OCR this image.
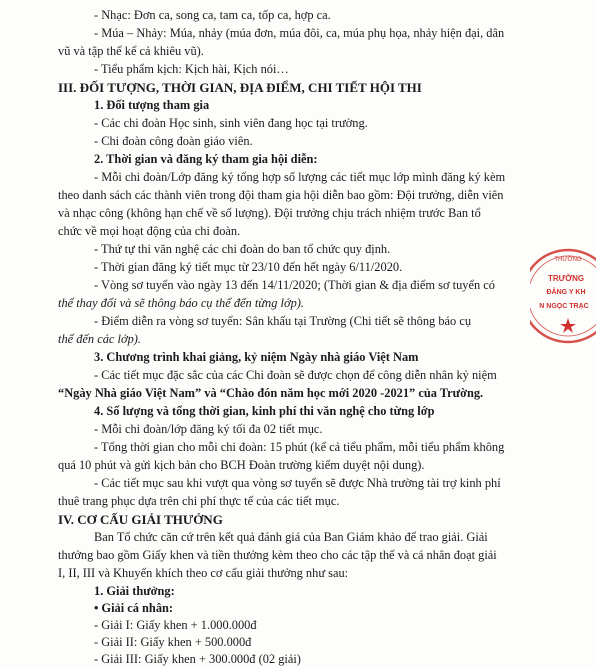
- Nhạc: Đơn ca, song ca, tam ca, tốp ca, hợp ca.
- Múa – Nhảy: Múa, nhảy (múa đơn, múa đôi, ca, múa phụ họa, nhảy hiện đại, dân
vũ và tập thể kể cả khiêu vũ).
- Tiểu phẩm kịch: Kịch hài, Kịch nói…
III. ĐỐI TƯỢNG, THỜI GIAN, ĐỊA ĐIỂM, CHI TIẾT HỘI THI
1. Đối tượng tham gia
- Các chi đoàn Học sinh, sinh viên đang học tại trường.
- Chi đoàn công đoàn giáo viên.
2. Thời gian và đăng ký tham gia hội diễn:
- Mỗi chi đoàn/Lớp đăng ký tổng hợp số lượng các tiết mục lớp mình đăng ký kèm
theo danh sách các thành viên trong đội tham gia hội diễn bao gồm: Đội trưởng, diễn viên
và nhạc công (không hạn chế về số lượng). Đội trưởng chịu trách nhiệm trước Ban tổ
chức về mọi hoạt động của chi đoàn.
- Thứ tự thi văn nghệ các chi đoàn do ban tổ chức quy định.
- Thời gian đăng ký tiết mục từ 23/10 đến hết ngày 6/11/2020.
- Vòng sơ tuyển vào ngày 13 đến 14/11/2020; (Thời gian & địa điểm sơ tuyển có
thể thay đổi và sẽ thông báo cụ thể đến từng lớp).
- Điểm diễn ra vòng sơ tuyển: Sân khấu tại Trường (Chi tiết sẽ thông báo cụ
thể đến các lớp).
3. Chương trình khai giảng, kỷ niệm Ngày nhà giáo Việt Nam
- Các tiết mục đặc sắc của các Chi đoàn sẽ được chọn để công diễn nhân kỷ niệm
“Ngày Nhà giáo Việt Nam” và “Chào đón năm học mới 2020 -2021” của Trường.
4. Số lượng và tổng thời gian, kinh phí thi văn nghệ cho từng lớp
- Mỗi chi đoàn/lớp đăng ký tối đa 02 tiết mục.
- Tổng thời gian cho mỗi chi đoàn: 15 phút (kể cả tiểu phẩm, mỗi tiểu phẩm không
quá 10 phút và gửi kịch bản cho BCH Đoàn trường kiểm duyệt nội dung).
- Các tiết mục sau khi vượt qua vòng sơ tuyển sẽ được Nhà trường tài trợ kinh phí
thuê trang phục dựa trên chi phí thực tế của các tiết mục.
IV. CƠ CẤU GIẢI THƯỞNG
Ban Tổ chức căn cứ trên kết quả đánh giá của Ban Giám khảo để trao giải. Giải
thưởng bao gồm Giấy khen và tiền thưởng kèm theo cho các tập thể và cá nhân đoạt giải
I, II, III và Khuyến khích theo cơ cấu giải thưởng như sau:
1. Giải thưởng:
• Giải cá nhân:
- Giải I: Giấy khen + 1.000.000đ
- Giải II: Giấy khen + 500.000đ
- Giải III: Giấy khen + 300.000đ (02 giải)
THƯỜNG
TRƯỜNG
ĐẲNG Y KH
N NGỌC TRẠC
